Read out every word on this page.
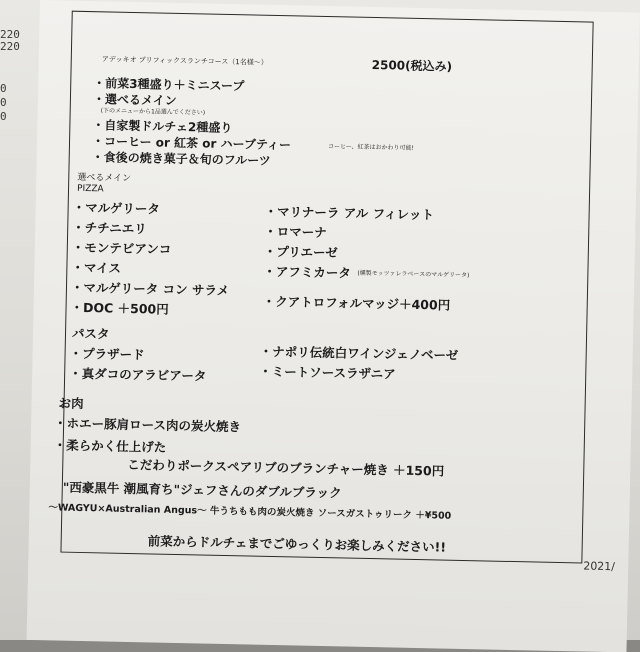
220
220
0
0
0
アデッキオ プリフィックスランチコース（1名様〜）	2500(税込み)
・前菜3種盛り＋ミニスープ
・選べるメイン
(下のメニューから1品選んでください)
・自家製ドルチェ2種盛り
・コーヒー or 紅茶 or ハーブティー	コーヒー、紅茶はおかわり可能!
・食後の焼き菓子＆旬のフルーツ
選べるメイン
PIZZA
・マルゲリータ
・チチニエリ
・モンテビアンコ
・マイス
・マルゲリータ コン サラメ
・DOC ＋500円
・マリナーラ アル フィレット
・ロマーナ
・プリエーゼ
・アフミカータ (燻製モッツァレラベースのマルゲリータ)
・クアトロフォルマッジ＋400円
パスタ
・プラザード
・真ダコのアラビアータ
・ナポリ伝統白ワインジェノベーゼ
・ミートソースラザニア
お肉
・ホエー豚肩ロース肉の炭火焼き
・柔らかく仕上げた
こだわりポークスペアリブのブランチャー焼き ＋150円
"西豪黒牛 潮風育ち"ジェフさんのダブルブラック
～WAGYU×Australian Angus～ 牛うちもも肉の炭火焼き ソースガストゥリーク ＋¥500
前菜からドルチェまでごゆっくりお楽しみください!!
2021/
